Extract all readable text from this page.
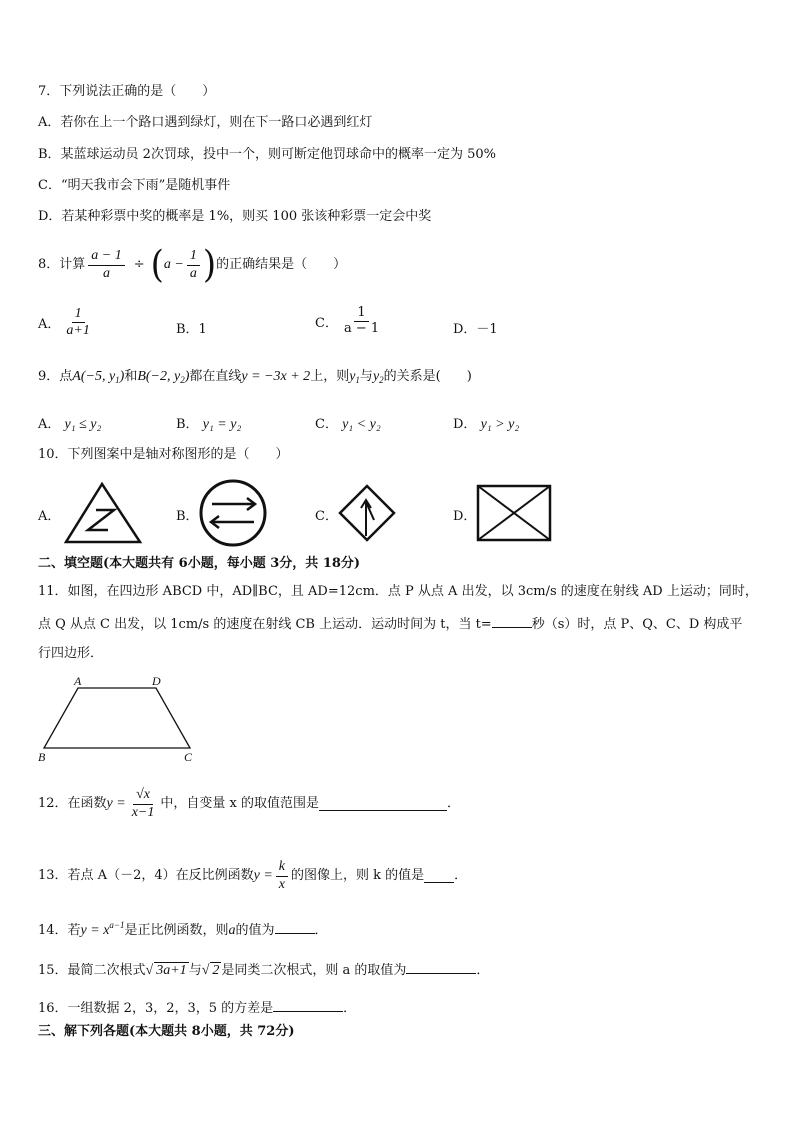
7．下列说法正确的是（　　）
A．若你在上一个路口遇到绿灯，则在下一路口必遇到红灯
B．某蓝球运动员 2次罚球，投中一个，则可断定他罚球命中的概率一定为 50%
C．“明天我市会下雨”是随机事件
D．若某种彩票中奖的概率是 1%，则买 100 张该种彩票一定会中奖
8．计算 $\frac{a - 1}{a}$ ÷ ( $a - \frac{1}{a}$ ) 的正确结果是（　　）
A． $\frac{1}{a+1}$	B．1	C． $\frac{1}{a - 1}$	D．－1
9．点A(−5, $y_1$)和B(−2, $y_2$)都在直线y = −3x + 2上，则$y_1$与$y_2$的关系是(　　)
A． y₁ ≤ y₂	B． y₁ = y₂	C． y₁ < y₂	D． y₁ > y₂
10．下列图案中是轴对称图形的是（　　）
A．	B．	C．	D．
二、填空题(本大题共有 6小题，每小题 3分，共 18分)
11．如图，在四边形 ABCD 中，AD∥BC，且 AD=12cm．点 P 从点 A 出发，以 3cm/s 的速度在射线 AD 上运动；同时，
点 Q 从点 C 出发，以 1cm/s 的速度在射线 CB 上运动．运动时间为 t，当 t=	秒（s）时，点 P、Q、C、D 构成平
行四边形．
A	D
B	C
12．在函数 $y = \frac{√x}{x-1}$ 中，自变量 x 的取值范围是	．
13．若点 A（－2，4）在反比例函数 $y = \frac{k}{x}$ 的图像上，则 k 的值是 ．
14．若$y = x^{a-1}$是正比例函数，则a的值为	．
15．最简二次根式√ 3a+1 与√ 2 是同类二次根式，则 a 的取值为	．
16．一组数据 2，3，2，3，5 的方差是	．
三、解下列各题(本大题共 8小题，共 72分)
